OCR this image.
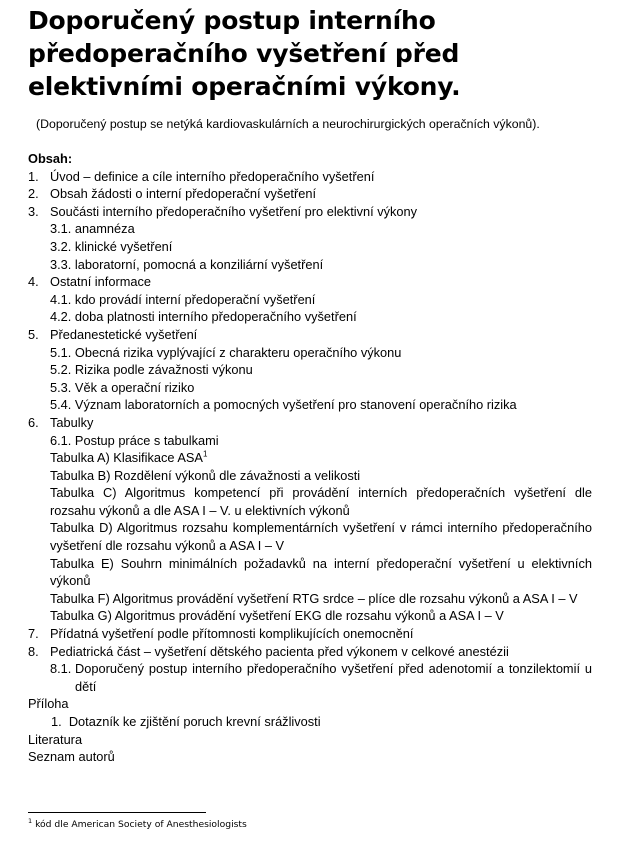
Doporučený postup interního předoperačního vyšetření před elektivními operačními výkony.
(Doporučený postup se netýká kardiovaskulárních a neurochirurgických operačních výkonů).
Obsah:
1. Úvod – definice a cíle interního předoperačního vyšetření
2. Obsah žádosti o interní předoperační vyšetření
3. Součásti interního předoperačního vyšetření pro elektivní výkony
3.1. anamnéza
3.2. klinické vyšetření
3.3. laboratorní, pomocná a konziliární vyšetření
4. Ostatní informace
4.1. kdo provádí interní předoperační vyšetření
4.2. doba platnosti interního předoperačního vyšetření
5. Předanestetické vyšetření
5.1. Obecná rizika vyplývající z charakteru operačního výkonu
5.2. Rizika podle závažnosti výkonu
5.3. Věk a operační riziko
5.4. Význam laboratorních a pomocných vyšetření pro stanovení operačního rizika
6. Tabulky
6.1. Postup práce s tabulkami
Tabulka A) Klasifikace ASA$^1$
Tabulka B) Rozdělení výkonů dle závažnosti a velikosti
Tabulka C) Algoritmus kompetencí při provádění interních předoperačních vyšetření dle rozsahu výkonů a dle ASA I – V. u elektivních výkonů
Tabulka D) Algoritmus rozsahu komplementárních vyšetření v rámci interního předoperačního vyšetření dle rozsahu výkonů a ASA I – V
Tabulka E) Souhrn minimálních požadavků na interní předoperační vyšetření u elektivních výkonů
Tabulka F) Algoritmus provádění vyšetření RTG srdce – plíce dle rozsahu výkonů a ASA I – V
Tabulka G) Algoritmus provádění vyšetření EKG dle rozsahu výkonů a ASA I – V
7. Přídatná vyšetření podle přítomnosti komplikujících onemocnění
8. Pediatrická část – vyšetření dětského pacienta před výkonem v celkové anestézii
8.1. Doporučený postup interního předoperačního vyšetření před adenotomií a tonzilektomií u dětí
Příloha
1. Dotazník ke zjištění poruch krevní srážlivosti
Literatura
Seznam autorů
$^1$ kód dle American Society of Anesthesiologists
